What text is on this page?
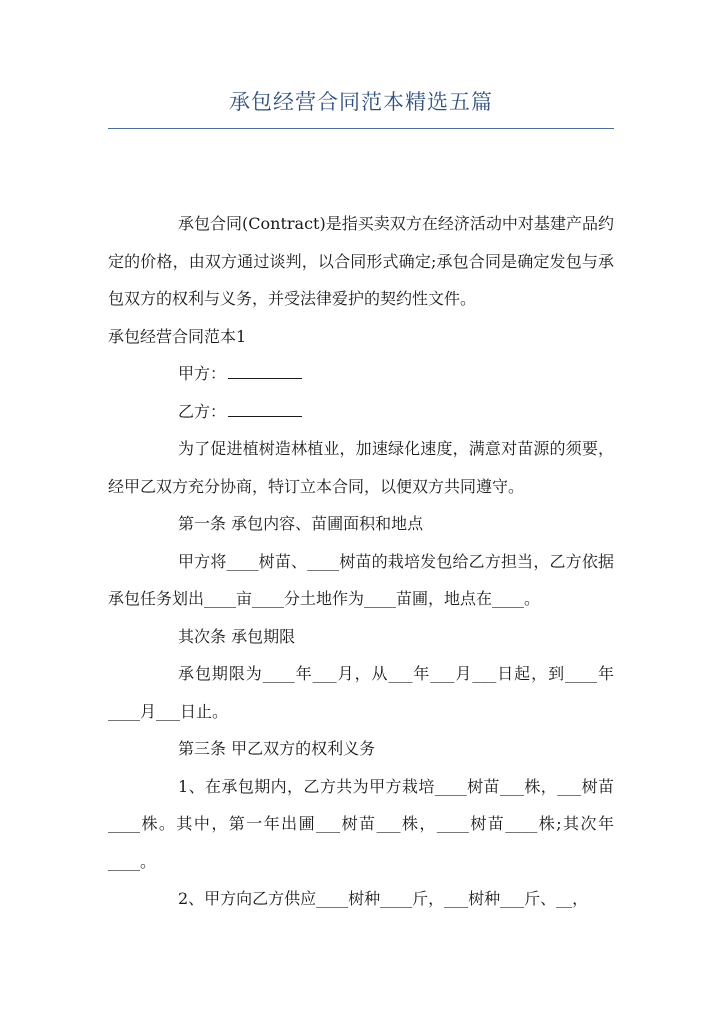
承包经营合同范本精选五篇

承包合同(Contract)是指买卖双方在经济活动中对基建产品约定的价格，由双方通过谈判，以合同形式确定;承包合同是确定发包与承包双方的权利与义务，并受法律爱护的契约性文件。

承包经营合同范本1

甲方：

乙方：

为了促进植树造林植业，加速绿化速度，满意对苗源的须要，经甲乙双方充分协商，特订立本合同，以便双方共同遵守。

第一条 承包内容、苗圃面积和地点

甲方将____树苗、____树苗的栽培发包给乙方担当，乙方依据承包任务划出____亩____分土地作为____苗圃，地点在____。

其次条 承包期限

承包期限为____年___月，从___年___月___日起，到____年____月___日止。

第三条 甲乙双方的权利义务

1、在承包期内，乙方共为甲方栽培____树苗___株，___树苗____株。其中，第一年出圃___树苗___株，____树苗____株;其次年____。

2、甲方向乙方供应____树种____斤，___树种___斤、__，
